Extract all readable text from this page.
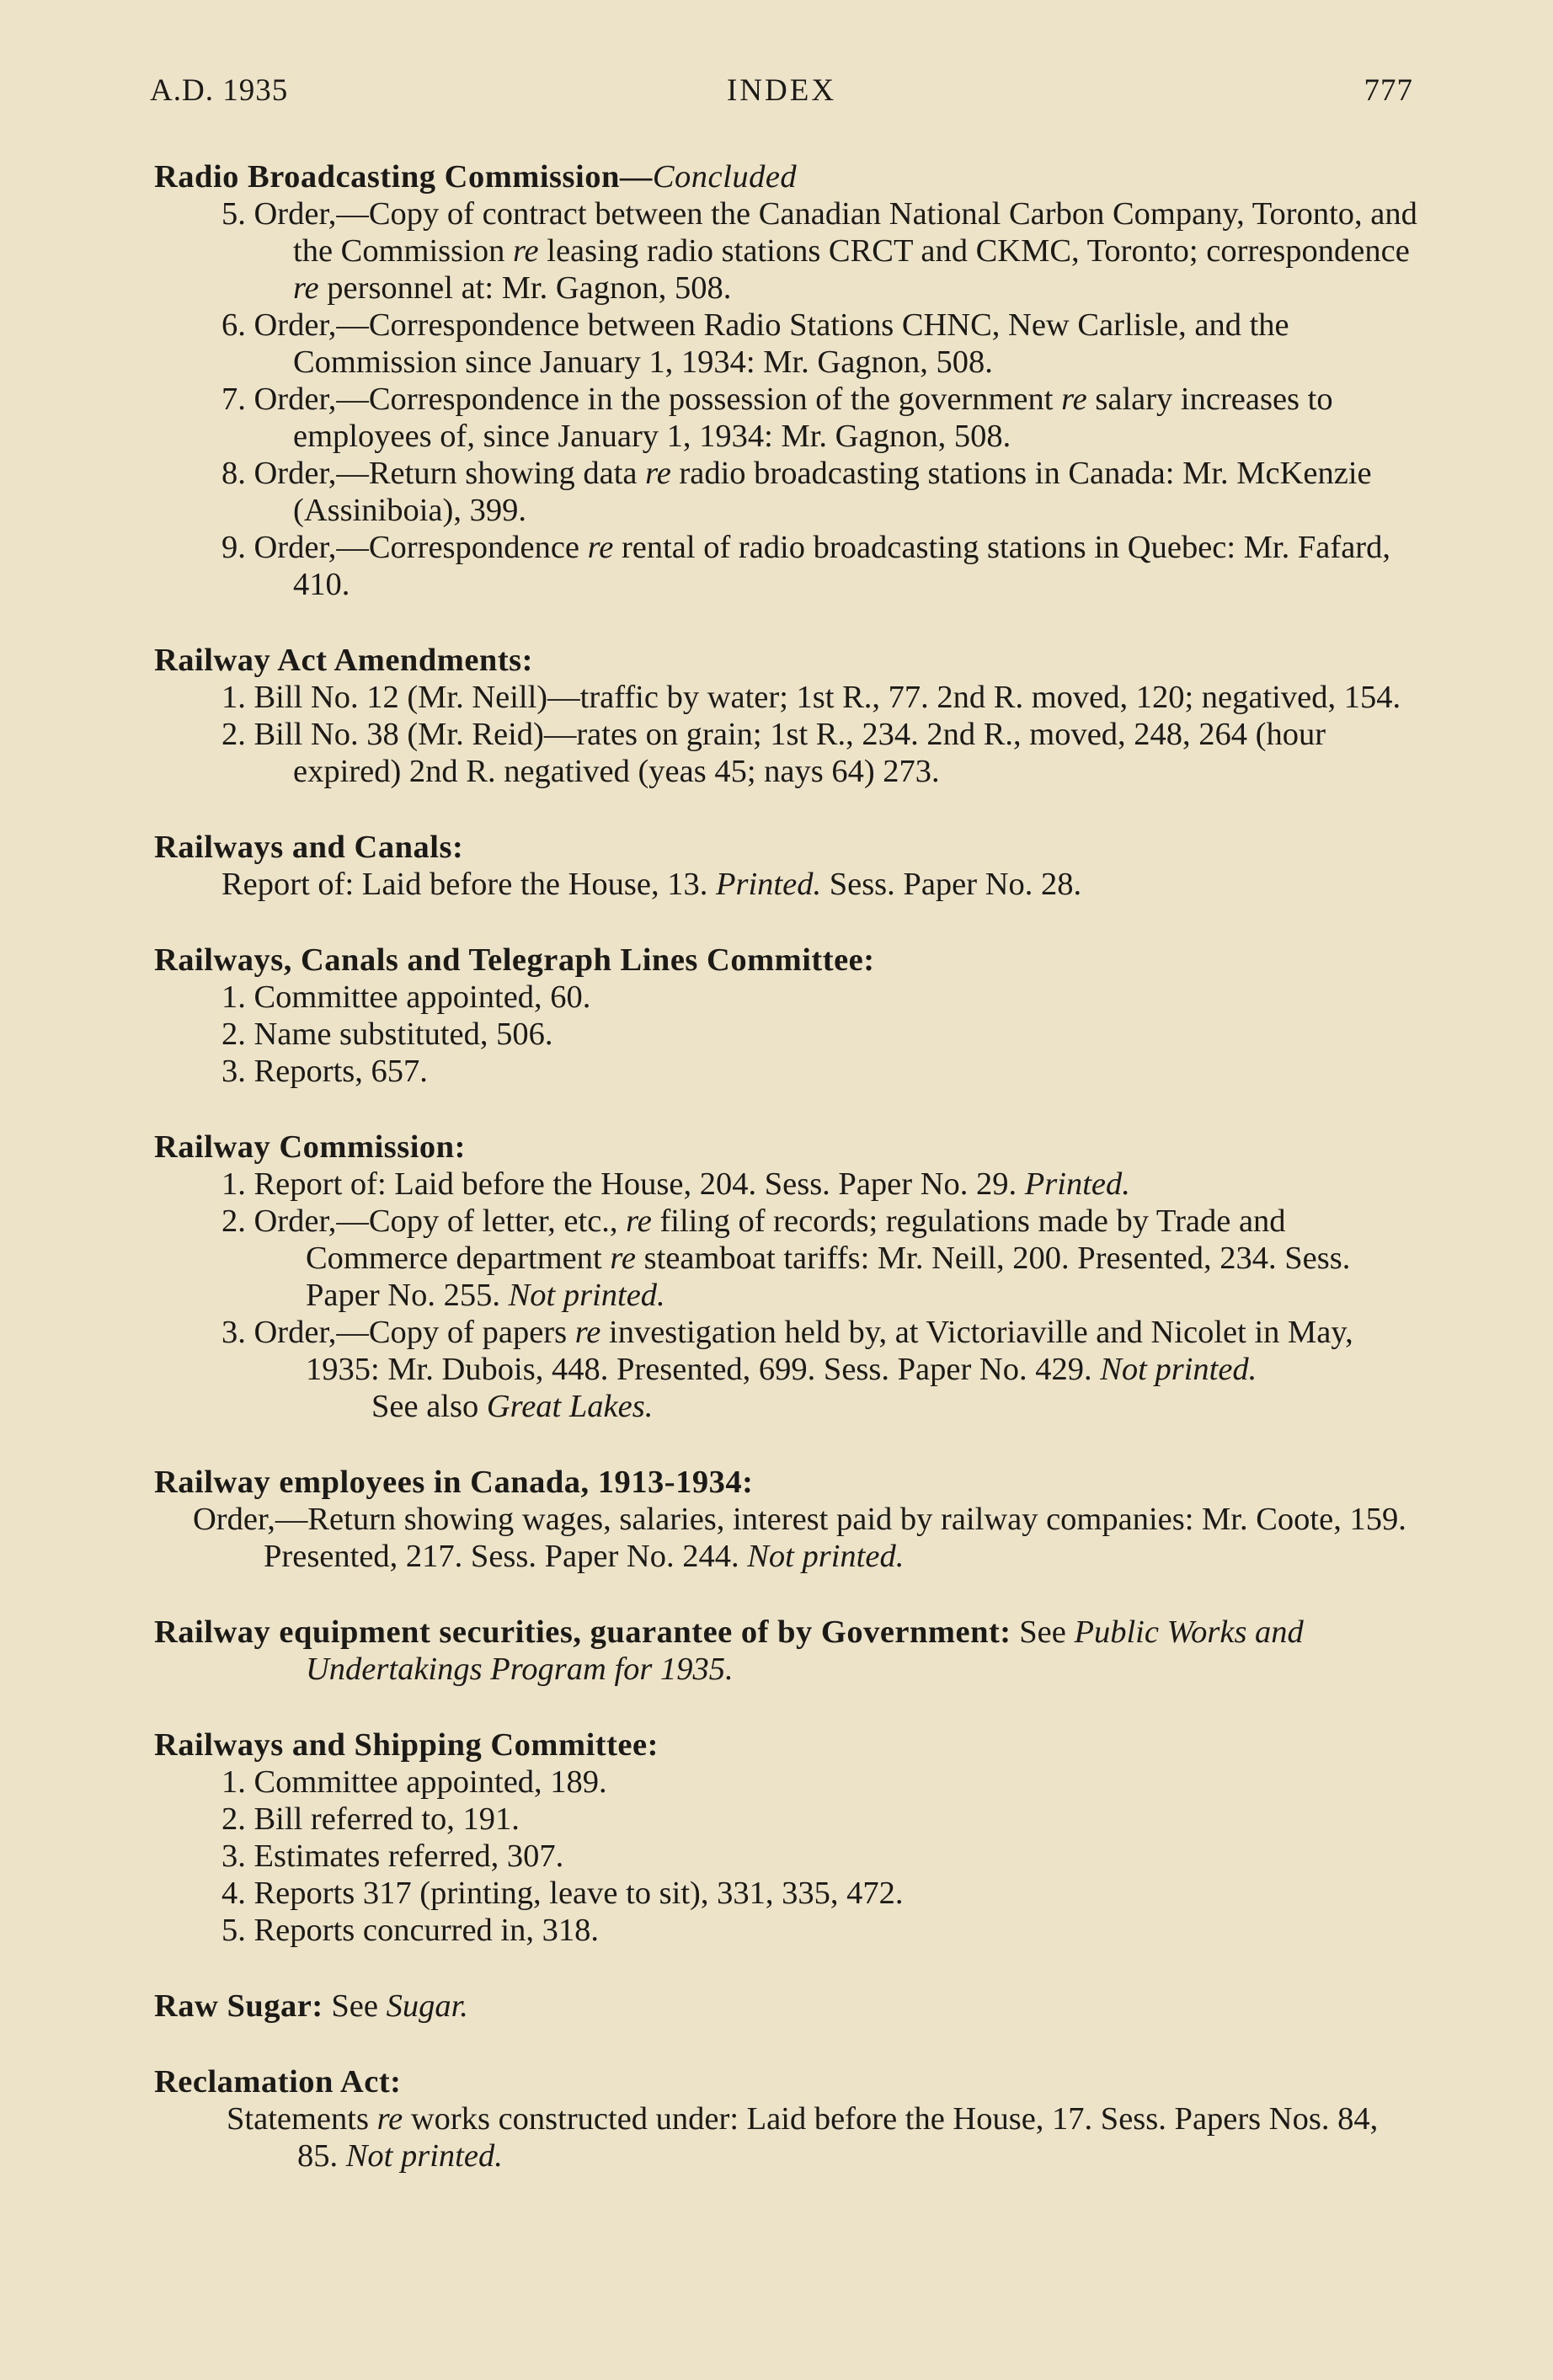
A.D. 1935	INDEX	777
Radio Broadcasting Commission—Concluded
5. Order,—Copy of contract between the Canadian National Carbon Company, Toronto, and the Commission re leasing radio stations CRCT and CKMC, Toronto; correspondence re personnel at: Mr. Gagnon, 508.
6. Order,—Correspondence between Radio Stations CHNC, New Carlisle, and the Commission since January 1, 1934: Mr. Gagnon, 508.
7. Order,—Correspondence in the possession of the government re salary increases to employees of, since January 1, 1934: Mr. Gagnon, 508.
8. Order,—Return showing data re radio broadcasting stations in Canada: Mr. McKenzie (Assiniboia), 399.
9. Order,—Correspondence re rental of radio broadcasting stations in Quebec: Mr. Fafard, 410.
Railway Act Amendments:
1. Bill No. 12 (Mr. Neill)—traffic by water; 1st R., 77. 2nd R. moved, 120; negatived, 154.
2. Bill No. 38 (Mr. Reid)—rates on grain; 1st R., 234. 2nd R., moved, 248, 264 (hour expired) 2nd R. negatived (yeas 45; nays 64) 273.
Railways and Canals:
Report of: Laid before the House, 13. Printed. Sess. Paper No. 28.
Railways, Canals and Telegraph Lines Committee:
1. Committee appointed, 60.
2. Name substituted, 506.
3. Reports, 657.
Railway Commission:
1. Report of: Laid before the House, 204. Sess. Paper No. 29. Printed.
2. Order,—Copy of letter, etc., re filing of records; regulations made by Trade and Commerce department re steamboat tariffs: Mr. Neill, 200. Presented, 234. Sess. Paper No. 255. Not printed.
3. Order,—Copy of papers re investigation held by, at Victoriaville and Nicolet in May, 1935: Mr. Dubois, 448. Presented, 699. Sess. Paper No. 429. Not printed.
See also Great Lakes.
Railway employees in Canada, 1913-1934:
Order,—Return showing wages, salaries, interest paid by railway companies: Mr. Coote, 159. Presented, 217. Sess. Paper No. 244. Not printed.
Railway equipment securities, guarantee of by Government: See Public Works and Undertakings Program for 1935.
Railways and Shipping Committee:
1. Committee appointed, 189.
2. Bill referred to, 191.
3. Estimates referred, 307.
4. Reports 317 (printing, leave to sit), 331, 335, 472.
5. Reports concurred in, 318.
Raw Sugar: See Sugar.
Reclamation Act:
Statements re works constructed under: Laid before the House, 17. Sess. Papers Nos. 84, 85. Not printed.
